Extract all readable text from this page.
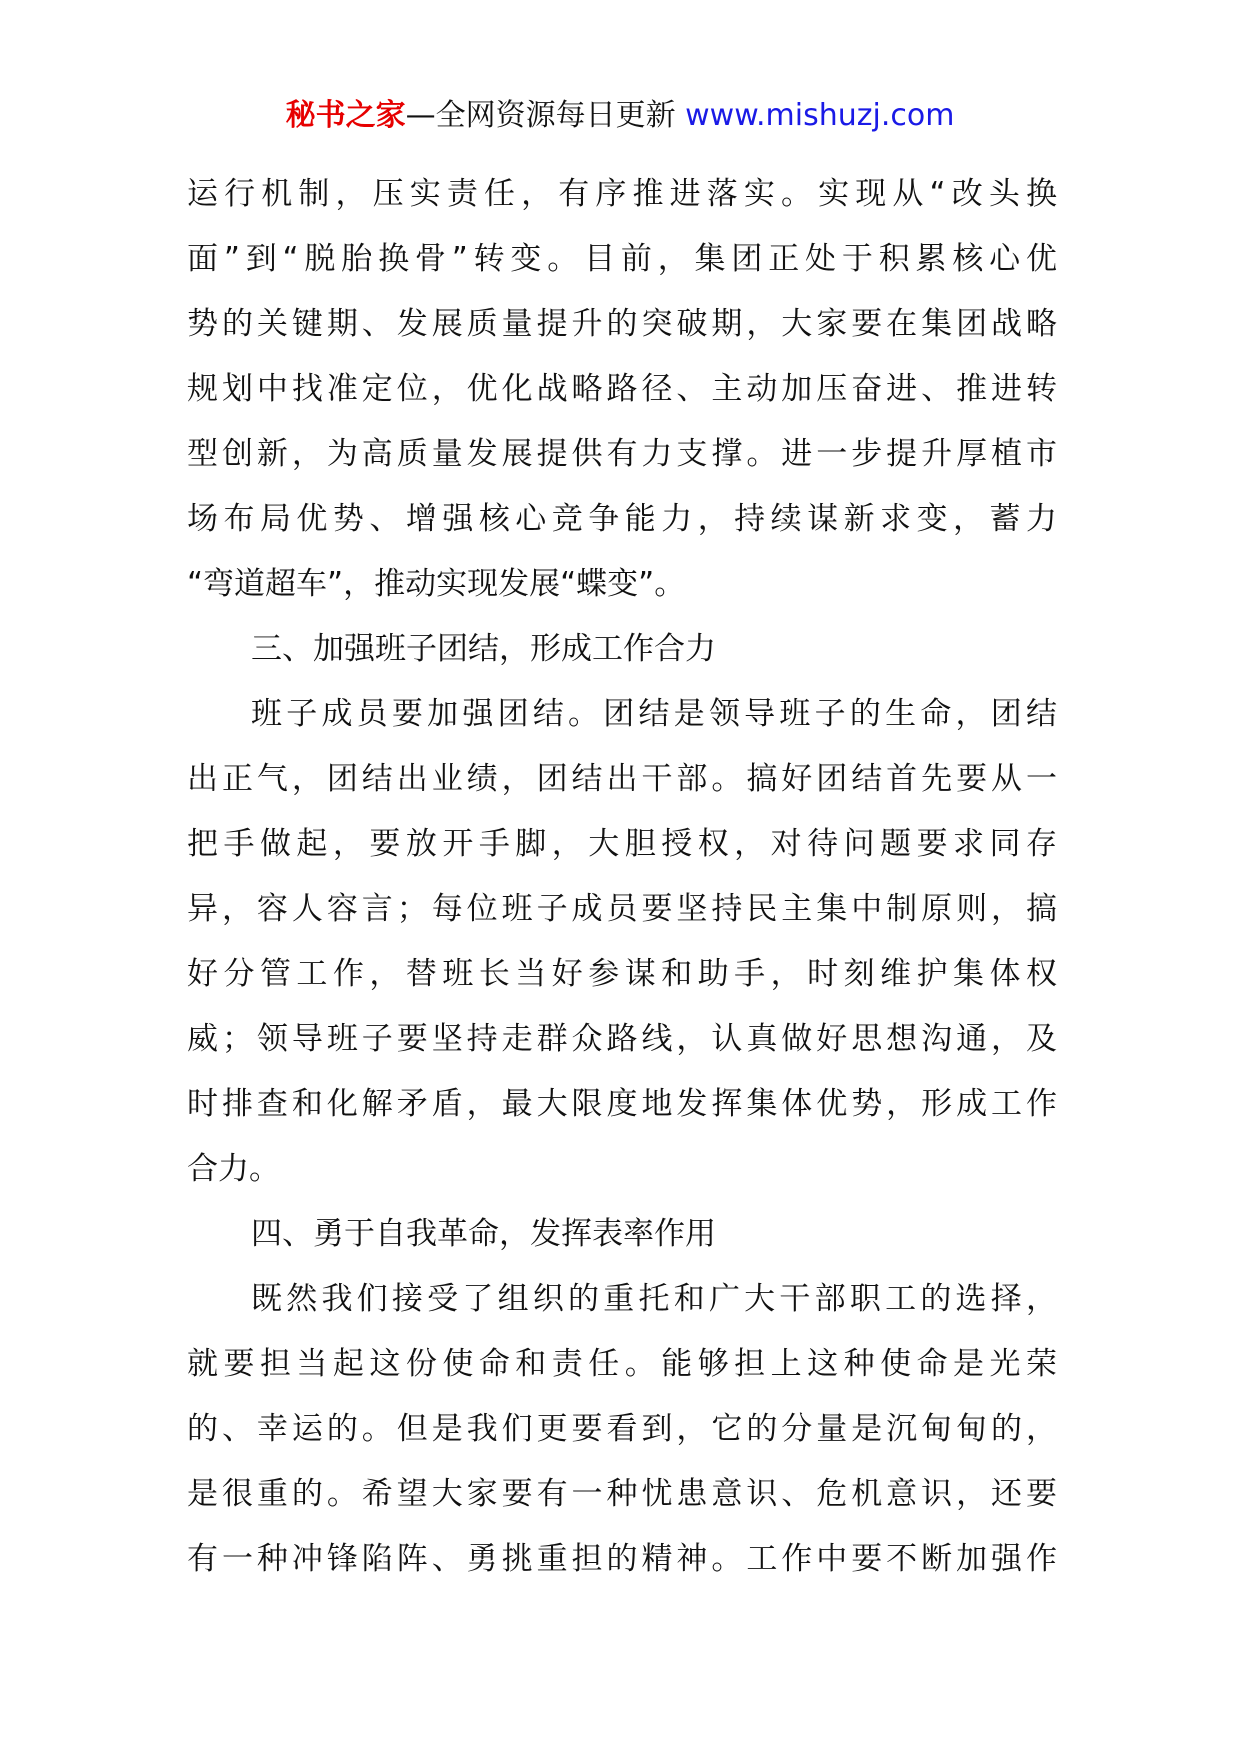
秘书之家—全网资源每日更新 www.mishuzj.com
运行机制，压实责任，有序推进落实。实现从“改头换
面”到“脱胎换骨”转变。目前，集团正处于积累核心优
势的关键期、发展质量提升的突破期，大家要在集团战略
规划中找准定位，优化战略路径、主动加压奋进、推进转
型创新，为高质量发展提供有力支撑。进一步提升厚植市
场布局优势、增强核心竞争能力，持续谋新求变，蓄力
“弯道超车”，推动实现发展“蝶变”。
三、加强班子团结，形成工作合力
班子成员要加强团结。团结是领导班子的生命，团结
出正气，团结出业绩，团结出干部。搞好团结首先要从一
把手做起，要放开手脚，大胆授权，对待问题要求同存
异，容人容言；每位班子成员要坚持民主集中制原则，搞
好分管工作，替班长当好参谋和助手，时刻维护集体权
威；领导班子要坚持走群众路线，认真做好思想沟通，及
时排查和化解矛盾，最大限度地发挥集体优势，形成工作
合力。
四、勇于自我革命，发挥表率作用
既然我们接受了组织的重托和广大干部职工的选择，
就要担当起这份使命和责任。能够担上这种使命是光荣
的、幸运的。但是我们更要看到，它的分量是沉甸甸的，
是很重的。希望大家要有一种忧患意识、危机意识，还要
有一种冲锋陷阵、勇挑重担的精神。工作中要不断加强作
